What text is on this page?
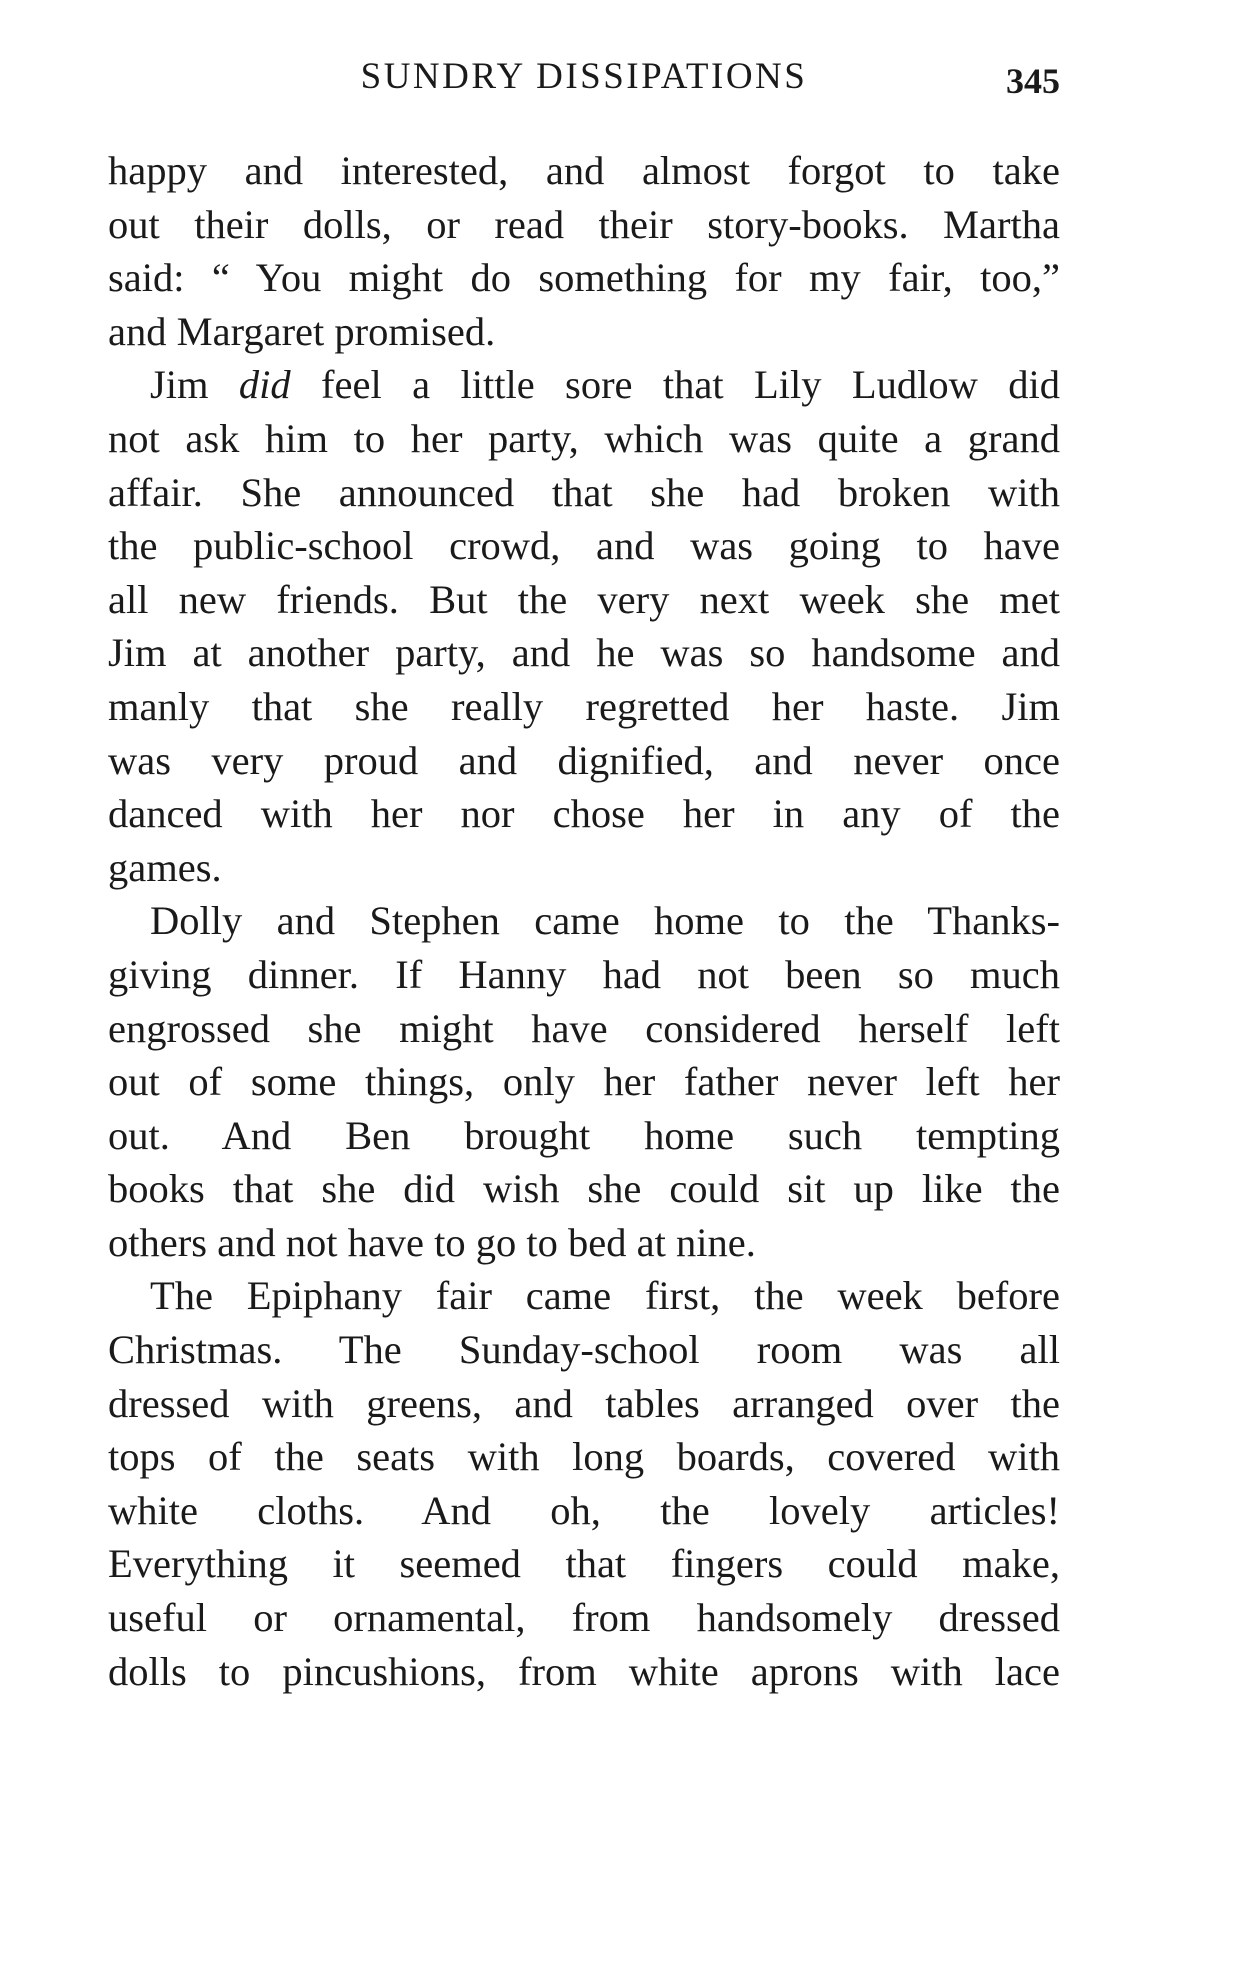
SUNDRY DISSIPATIONS	345
happy and interested, and almost forgot to take
out their dolls, or read their story-books. Martha
said: “ You might do something for my fair, too,”
and Margaret promised.
Jim did feel a little sore that Lily Ludlow did
not ask him to her party, which was quite a grand
affair. She announced that she had broken with
the public-school crowd, and was going to have
all new friends. But the very next week she met
Jim at another party, and he was so handsome and
manly that she really regretted her haste. Jim
was very proud and dignified, and never once
danced with her nor chose her in any of the
games.
Dolly and Stephen came home to the Thanks-
giving dinner. If Hanny had not been so much
engrossed she might have considered herself left
out of some things, only her father never left her
out. And Ben brought home such tempting
books that she did wish she could sit up like the
others and not have to go to bed at nine.
The Epiphany fair came first, the week before
Christmas. The Sunday-school room was all
dressed with greens, and tables arranged over the
tops of the seats with long boards, covered with
white cloths. And oh, the lovely articles!
Everything it seemed that fingers could make,
useful or ornamental, from handsomely dressed
dolls to pincushions, from white aprons with lace
